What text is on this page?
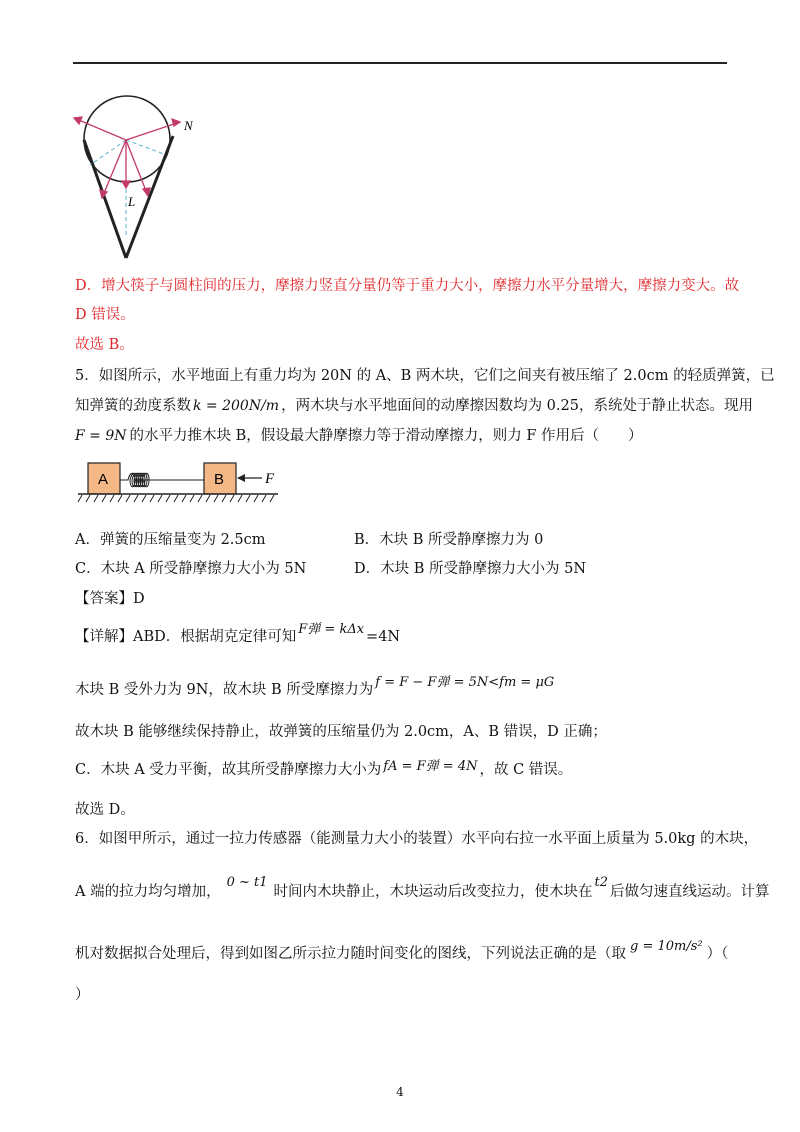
N
L
D．增大筷子与圆柱间的压力，摩擦力竖直分量仍等于重力大小，摩擦力水平分量增大，摩擦力变大。故
D 错误。
故选 B。
5．如图所示，水平地面上有重力均为 20N 的 A、B 两木块，它们之间夹有被压缩了 2.0cm 的轻质弹簧，已
知弹簧的劲度系数 k = 200N/m ，两木块与水平地面间的动摩擦因数均为 0.25，系统处于静止状态。现用
F = 9N 的水平力推木块 B，假设最大静摩擦力等于滑动摩擦力，则力 F 作用后（　　）
A	B	F
A．弹簧的压缩量变为 2.5cm	B．木块 B 所受静摩擦力为 0
C．木块 A 所受静摩擦力大小为 5N	D．木块 B 所受静摩擦力大小为 5N
【答案】D
【详解】ABD．根据胡克定律可知 F弹 = kΔx =4N
木块 B 受外力为 9N，故木块 B 所受摩擦力为 f = F − F弹 = 5N<fm = μG
故木块 B 能够继续保持静止，故弹簧的压缩量仍为 2.0cm，A、B 错误，D 正确；
C．木块 A 受力平衡，故其所受静摩擦力大小为 fA = F弹 = 4N ，故 C 错误。
故选 D。
6．如图甲所示，通过一拉力传感器（能测量力大小的装置）水平向右拉一水平面上质量为 5.0kg 的木块，
A 端的拉力均匀增加，0 ~ t1时间内木块静止，木块运动后改变拉力，使木块在t2后做匀速直线运动。计算
机对数据拟合处理后，得到如图乙所示拉力随时间变化的图线，下列说法正确的是（取 g = 10m/s² ）（
）
4
